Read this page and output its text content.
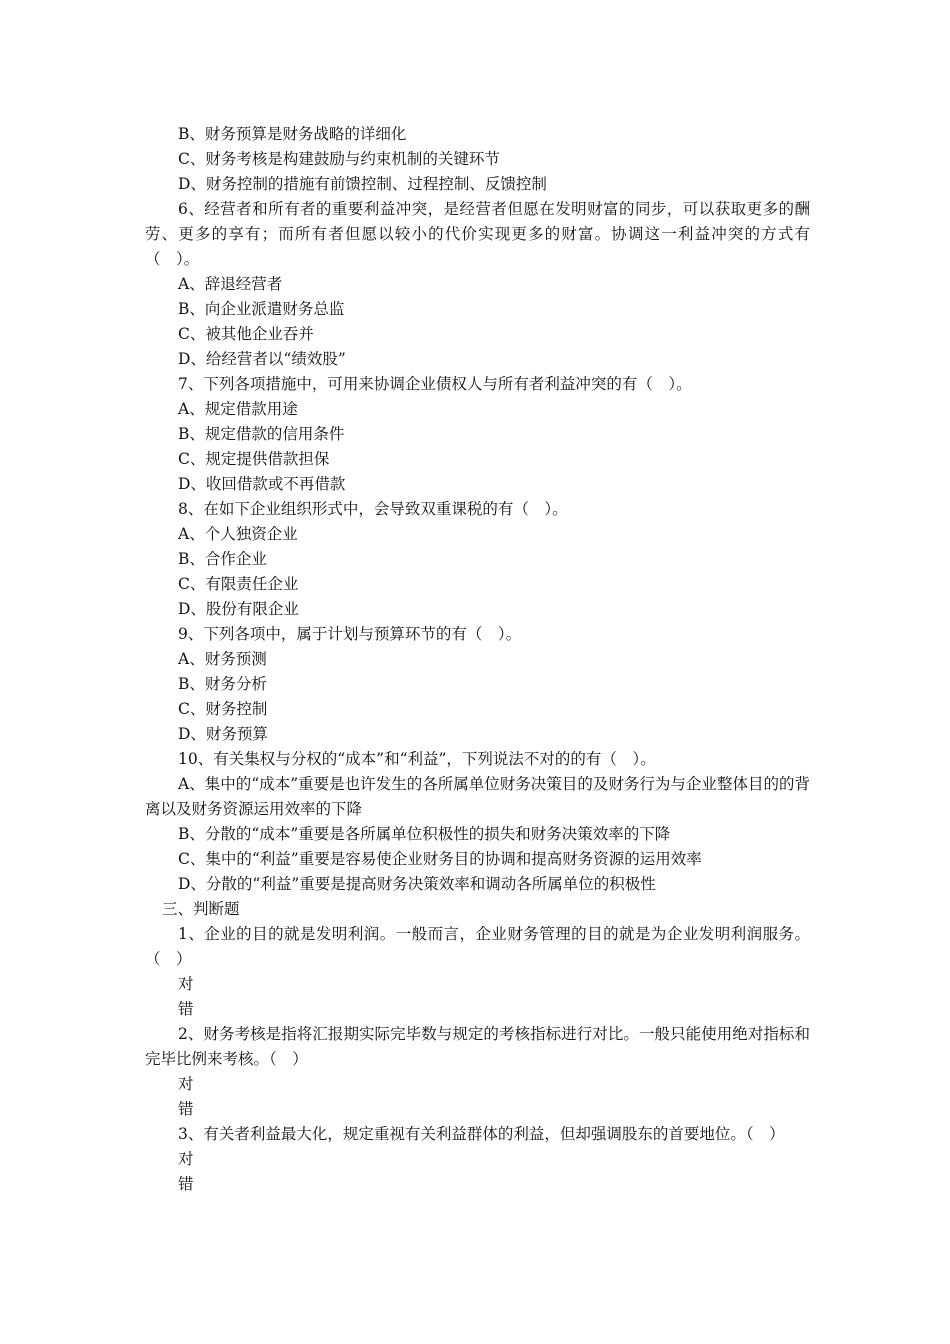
B、财务预算是财务战略的详细化

C、财务考核是构建鼓励与约束机制的关键环节

D、财务控制的措施有前馈控制、过程控制、反馈控制

6、经营者和所有者的重要利益冲突，是经营者但愿在发明财富的同步，可以获取更多的酬劳、更多的享有；而所有者但愿以较小的代价实现更多的财富。协调这一利益冲突的方式有（　）。

A、辞退经营者

B、向企业派遣财务总监

C、被其他企业吞并

D、给经营者以“绩效股”

7、下列各项措施中，可用来协调企业债权人与所有者利益冲突的有（　）。

A、规定借款用途

B、规定借款的信用条件

C、规定提供借款担保

D、收回借款或不再借款

8、在如下企业组织形式中，会导致双重课税的有（　）。

A、个人独资企业

B、合作企业

C、有限责任企业

D、股份有限企业

9、下列各项中，属于计划与预算环节的有（　）。

A、财务预测

B、财务分析

C、财务控制

D、财务预算

10、有关集权与分权的“成本”和“利益”，下列说法不对的的有（　）。

A、集中的“成本”重要是也许发生的各所属单位财务决策目的及财务行为与企业整体目的的背离以及财务资源运用效率的下降

B、分散的“成本”重要是各所属单位积极性的损失和财务决策效率的下降

C、集中的“利益”重要是容易使企业财务目的协调和提高财务资源的运用效率

D、分散的“利益”重要是提高财务决策效率和调动各所属单位的积极性

三、判断题

1、企业的目的就是发明利润。一般而言，企业财务管理的目的就是为企业发明利润服务。（　）

对

错

2、财务考核是指将汇报期实际完毕数与规定的考核指标进行对比。一般只能使用绝对指标和完毕比例来考核。（　）

对

错

3、有关者利益最大化，规定重视有关利益群体的利益，但却强调股东的首要地位。（　）

对

错
